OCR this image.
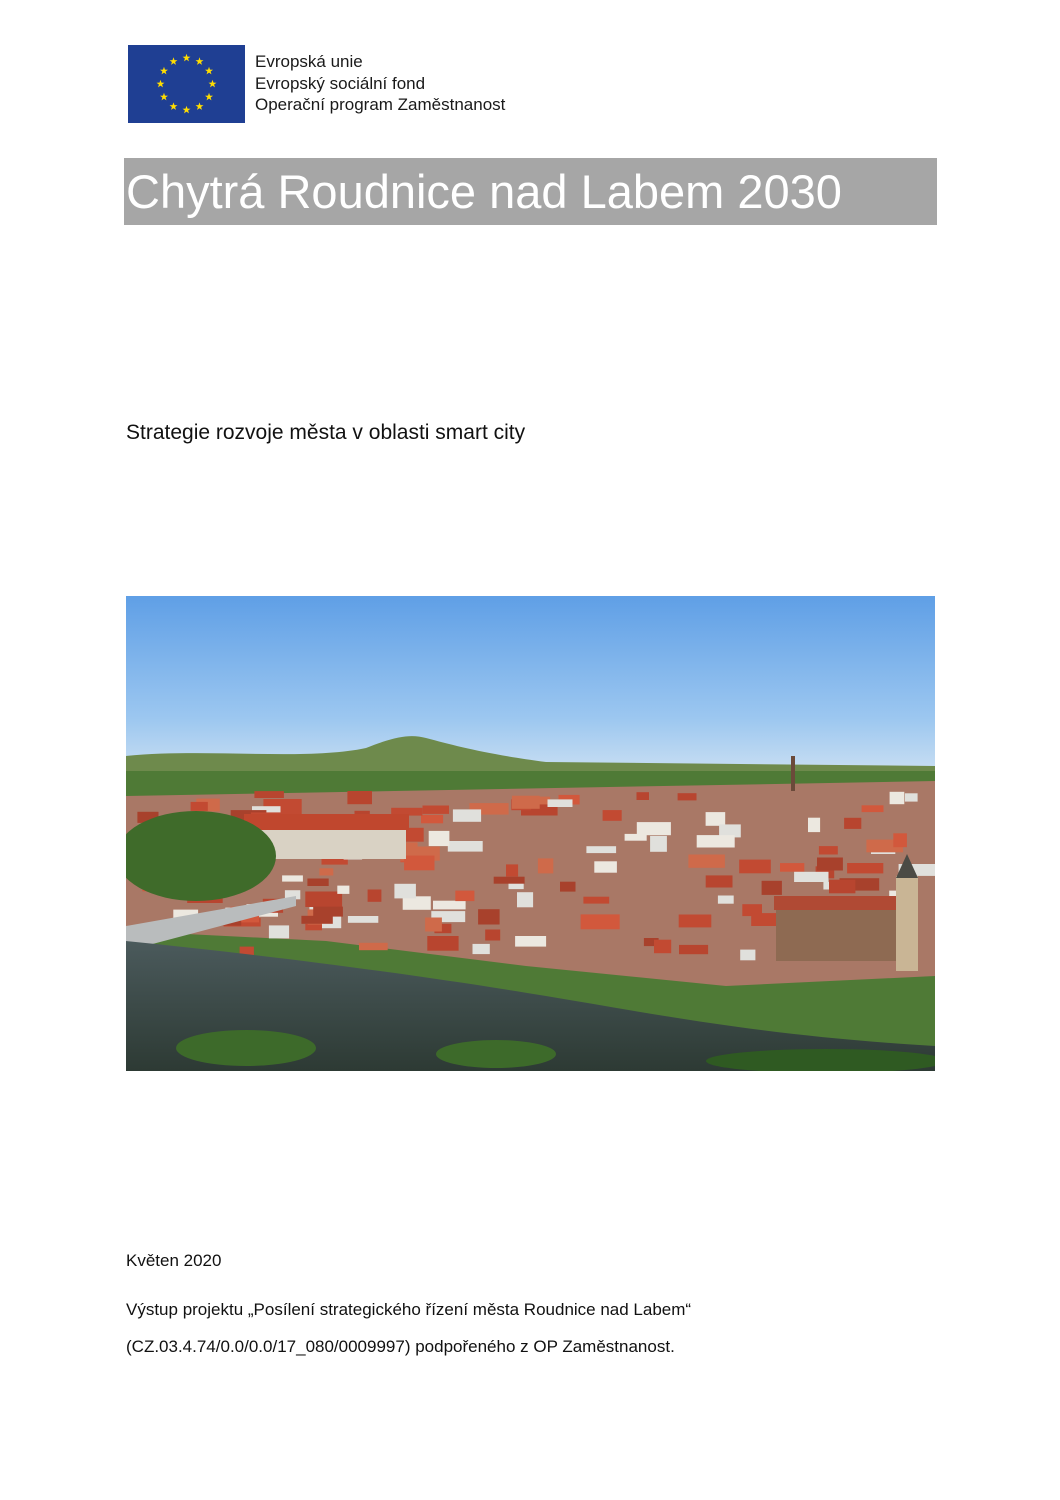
Evropská unie
Evropský sociální fond
Operační program Zaměstnanost
Chytrá Roudnice nad Labem 2030
Strategie rozvoje města v oblasti smart city
Květen 2020
Výstup projektu „Posílení strategického řízení města Roudnice nad Labem“
(CZ.03.4.74/0.0/0.0/17_080/0009997) podpořeného z OP Zaměstnanost.
